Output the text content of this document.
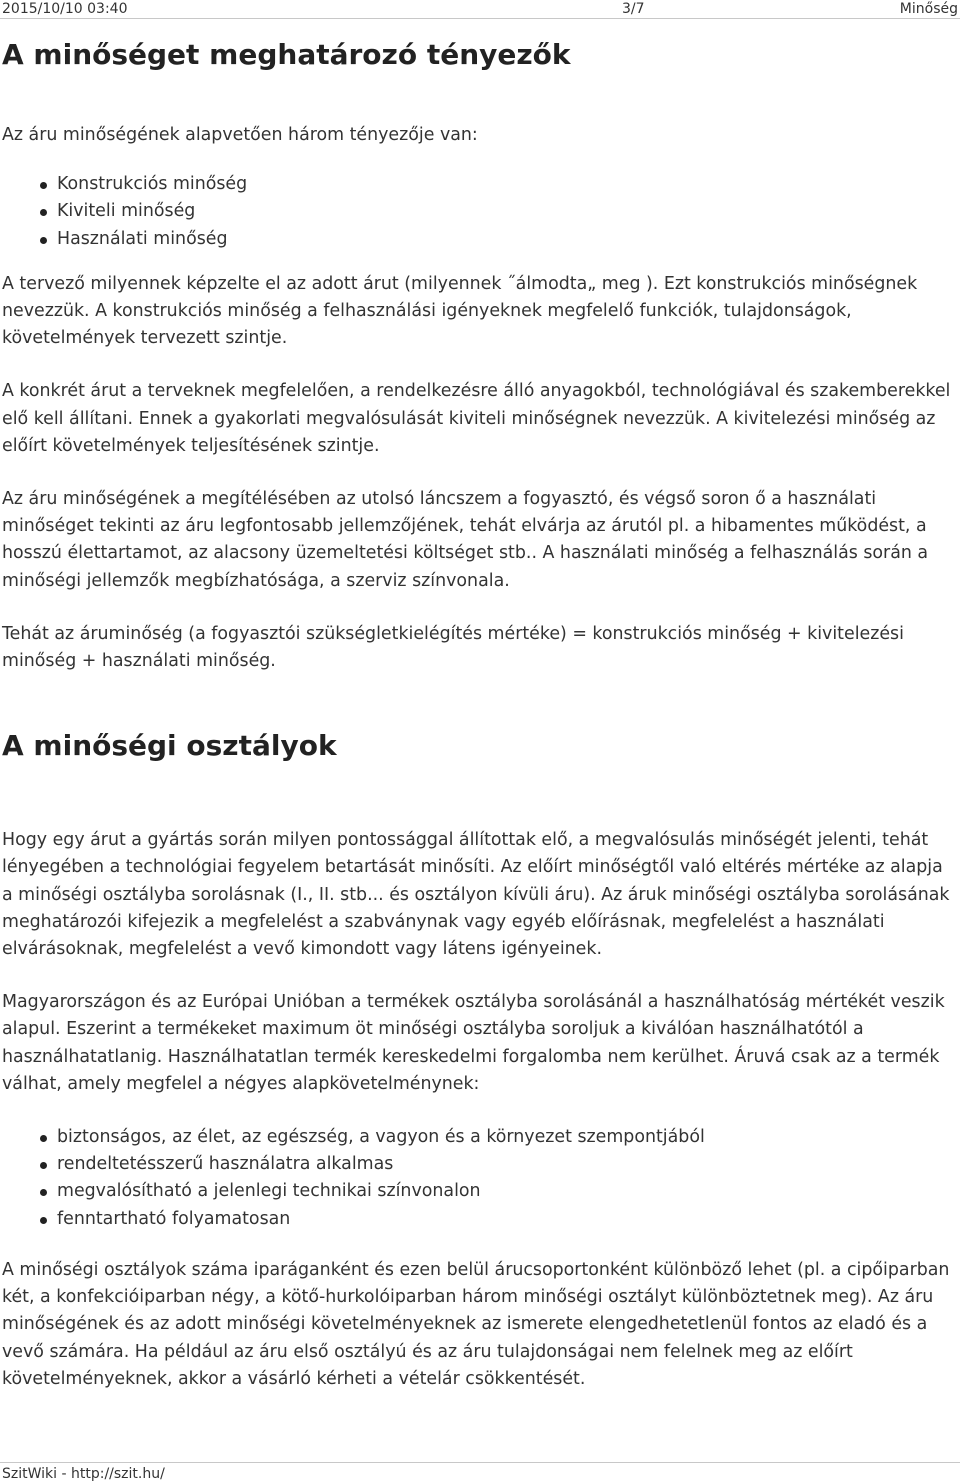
2015/10/10 03:40	3/7	Minőség
A minőséget meghatározó tényezők

Az áru minőségének alapvetően három tényezője van:

Konstrukciós minőség
Kiviteli minőség
Használati minőség

A tervező milyennek képzelte el az adott árut (milyennek ˝álmodta„ meg ). Ezt konstrukciós minőségnek nevezzük. A konstrukciós minőség a felhasználási igényeknek megfelelő funkciók, tulajdonságok, követelmények tervezett szintje.

A konkrét árut a terveknek megfelelően, a rendelkezésre álló anyagokból, technológiával és szakemberekkel elő kell állítani. Ennek a gyakorlati megvalósulását kiviteli minőségnek nevezzük. A kivitelezési minőség az előírt követelmények teljesítésének szintje.

Az áru minőségének a megítélésében az utolsó láncszem a fogyasztó, és végső soron ő a használati minőséget tekinti az áru legfontosabb jellemzőjének, tehát elvárja az árutól pl. a hibamentes működést, a hosszú élettartamot, az alacsony üzemeltetési költséget stb.. A használati minőség a felhasználás során a minőségi jellemzők megbízhatósága, a szerviz színvonala.

Tehát az áruminőség (a fogyasztói szükségletkielégítés mértéke) = konstrukciós minőség + kivitelezési minőség + használati minőség.

A minőségi osztályok

Hogy egy árut a gyártás során milyen pontossággal állítottak elő, a megvalósulás minőségét jelenti, tehát lényegében a technológiai fegyelem betartását minősíti. Az előírt minőségtől való eltérés mértéke az alapja a minőségi osztályba sorolásnak (I., II. stb... és osztályon kívüli áru). Az áruk minőségi osztályba sorolásának meghatározói kifejezik a megfelelést a szabványnak vagy egyéb előírásnak, megfelelést a használati elvárásoknak, megfelelést a vevő kimondott vagy látens igényeinek.

Magyarországon és az Európai Unióban a termékek osztályba sorolásánál a használhatóság mértékét veszik alapul. Eszerint a termékeket maximum öt minőségi osztályba soroljuk a kiválóan használhatótól a használhatatlanig. Használhatatlan termék kereskedelmi forgalomba nem kerülhet. Áruvá csak az a termék válhat, amely megfelel a négyes alapkövetelménynek:

biztonságos, az élet, az egészség, a vagyon és a környezet szempontjából
rendeltetésszerű használatra alkalmas
megvalósítható a jelenlegi technikai színvonalon
fenntartható folyamatosan

A minőségi osztályok száma iparáganként és ezen belül árucsoportonként különböző lehet (pl. a cipőiparban két, a konfekcióiparban négy, a kötő-hurkolóiparban három minőségi osztályt különböztetnek meg). Az áru minőségének és az adott minőségi követelményeknek az ismerete elengedhetetlenül fontos az eladó és a vevő számára. Ha például az áru első osztályú és az áru tulajdonságai nem felelnek meg az előírt követelményeknek, akkor a vásárló kérheti a vételár csökkentését.

SzitWiki - http://szit.hu/
